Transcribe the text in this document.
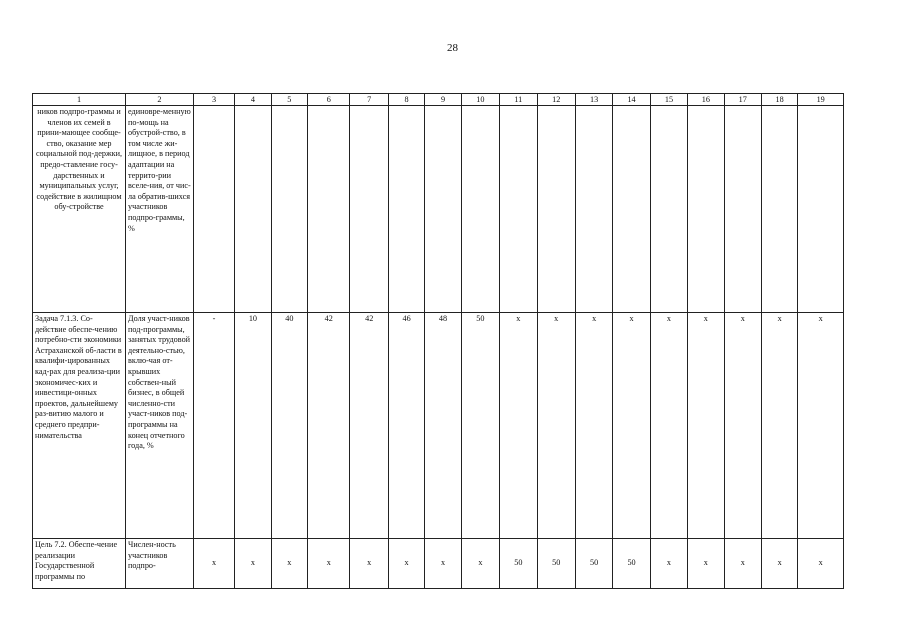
28
1	2	3	4	5	6	7	8	9	10	11	12	13	14	15	16	17	18	19
ников подпро-граммы и членов их семей в прини-мающее сообще-ство, оказание мер социальной под-держки, предо-ставление госу-дарственных и муниципальных услуг, содействие в жилищном обу-стройстве	единовре-менную по-мощь на обустрой-ство, в том числе жи-лищное, в период адаптации на террито-рии вселе-ния, от чис-ла обратив-шихся участников подпро-граммы, %																	
Задача 7.1.3. Со-действие обеспе-чению потребно-сти экономики Астраханской об-ласти в квалифи-цированных кад-рах для реализа-ции экономичес-ких и инвестици-онных проектов, дальнейшему раз-витию малого и среднего предпри-нимательства	Доля участ-ников под-программы, занятых трудовой деятельно-стью, вклю-чая от-крывших собствен-ный бизнес, в общей численно-сти участ-ников под-программы на конец отчетного года, %	-	10	40	42	42	46	48	50	x	x	x	x	x	x	x	x	x
Цель 7.2. Обеспе-чение реализации Государственной программы по	Числен-ность участников подпро-	x	x	x	x	x	x	x	x	50	50	50	50	x	x	x	x	x
